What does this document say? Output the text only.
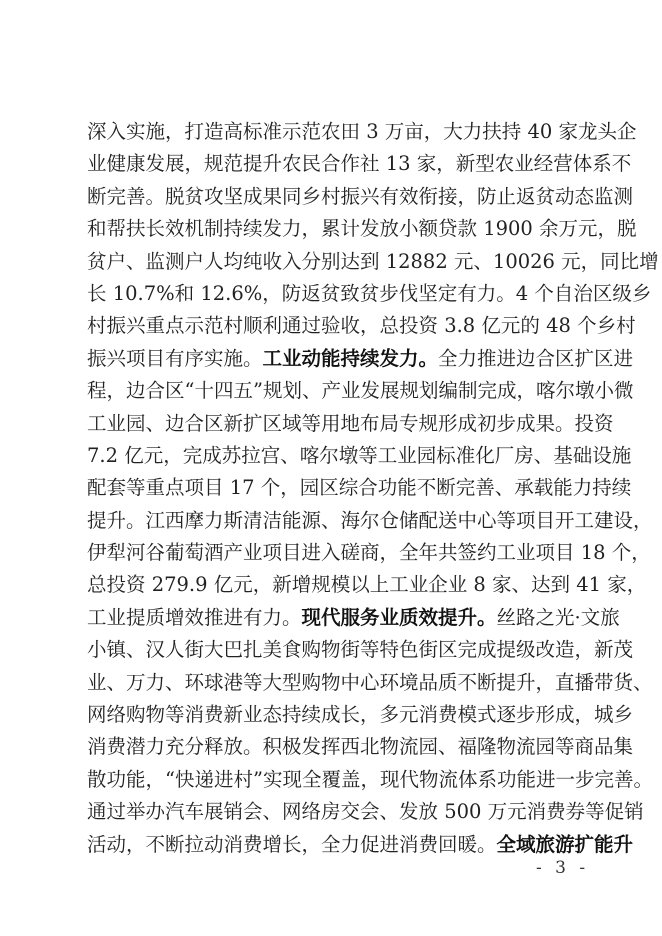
深入实施，打造高标准示范农田 3 万亩，大力扶持 40 家龙头企
业健康发展，规范提升农民合作社 13 家，新型农业经营体系不
断完善。脱贫攻坚成果同乡村振兴有效衔接，防止返贫动态监测
和帮扶长效机制持续发力，累计发放小额贷款 1900 余万元，脱
贫户、监测户人均纯收入分别达到 12882 元、10026 元，同比增
长 10.7%和 12.6%，防返贫致贫步伐坚定有力。4 个自治区级乡
村振兴重点示范村顺利通过验收，总投资 3.8 亿元的 48 个乡村
振兴项目有序实施。工业动能持续发力。全力推进边合区扩区进
程，边合区“十四五”规划、产业发展规划编制完成，喀尔墩小微
工业园、边合区新扩区域等用地布局专规形成初步成果。投资
7.2 亿元，完成苏拉宫、喀尔墩等工业园标准化厂房、基础设施
配套等重点项目 17 个，园区综合功能不断完善、承载能力持续
提升。江西摩力斯清洁能源、海尔仓储配送中心等项目开工建设，
伊犁河谷葡萄酒产业项目进入磋商，全年共签约工业项目 18 个，
总投资 279.9 亿元，新增规模以上工业企业 8 家、达到 41 家，
工业提质增效推进有力。现代服务业质效提升。丝路之光·文旅
小镇、汉人街大巴扎美食购物街等特色街区完成提级改造，新茂
业、万力、环球港等大型购物中心环境品质不断提升，直播带货、
网络购物等消费新业态持续成长，多元消费模式逐步形成，城乡
消费潜力充分释放。积极发挥西北物流园、福隆物流园等商品集
散功能，“快递进村”实现全覆盖，现代物流体系功能进一步完善。
通过举办汽车展销会、网络房交会、发放 500 万元消费券等促销
活动，不断拉动消费增长，全力促进消费回暖。全域旅游扩能升
- 3 -
